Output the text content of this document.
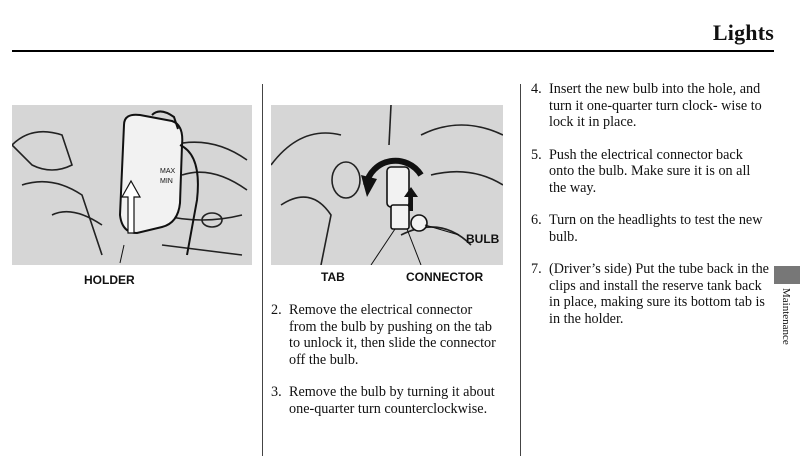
Lights
MAX
MIN
HOLDER
BULB
TAB	CONNECTOR
2. Remove the electrical connector from the bulb by pushing on the tab to unlock it, then slide the connector off the bulb.
3. Remove the bulb by turning it about one-quarter turn counterclockwise.
4. Insert the new bulb into the hole, and turn it one-quarter turn clock- wise to lock it in place.
5. Push the electrical connector back onto the bulb. Make sure it is on all the way.
6. Turn on the headlights to test the new bulb.
7. (Driver’s side) Put the tube back in the clips and install the reserve tank back in place, making sure its bottom tab is in the holder.	Maintenance
